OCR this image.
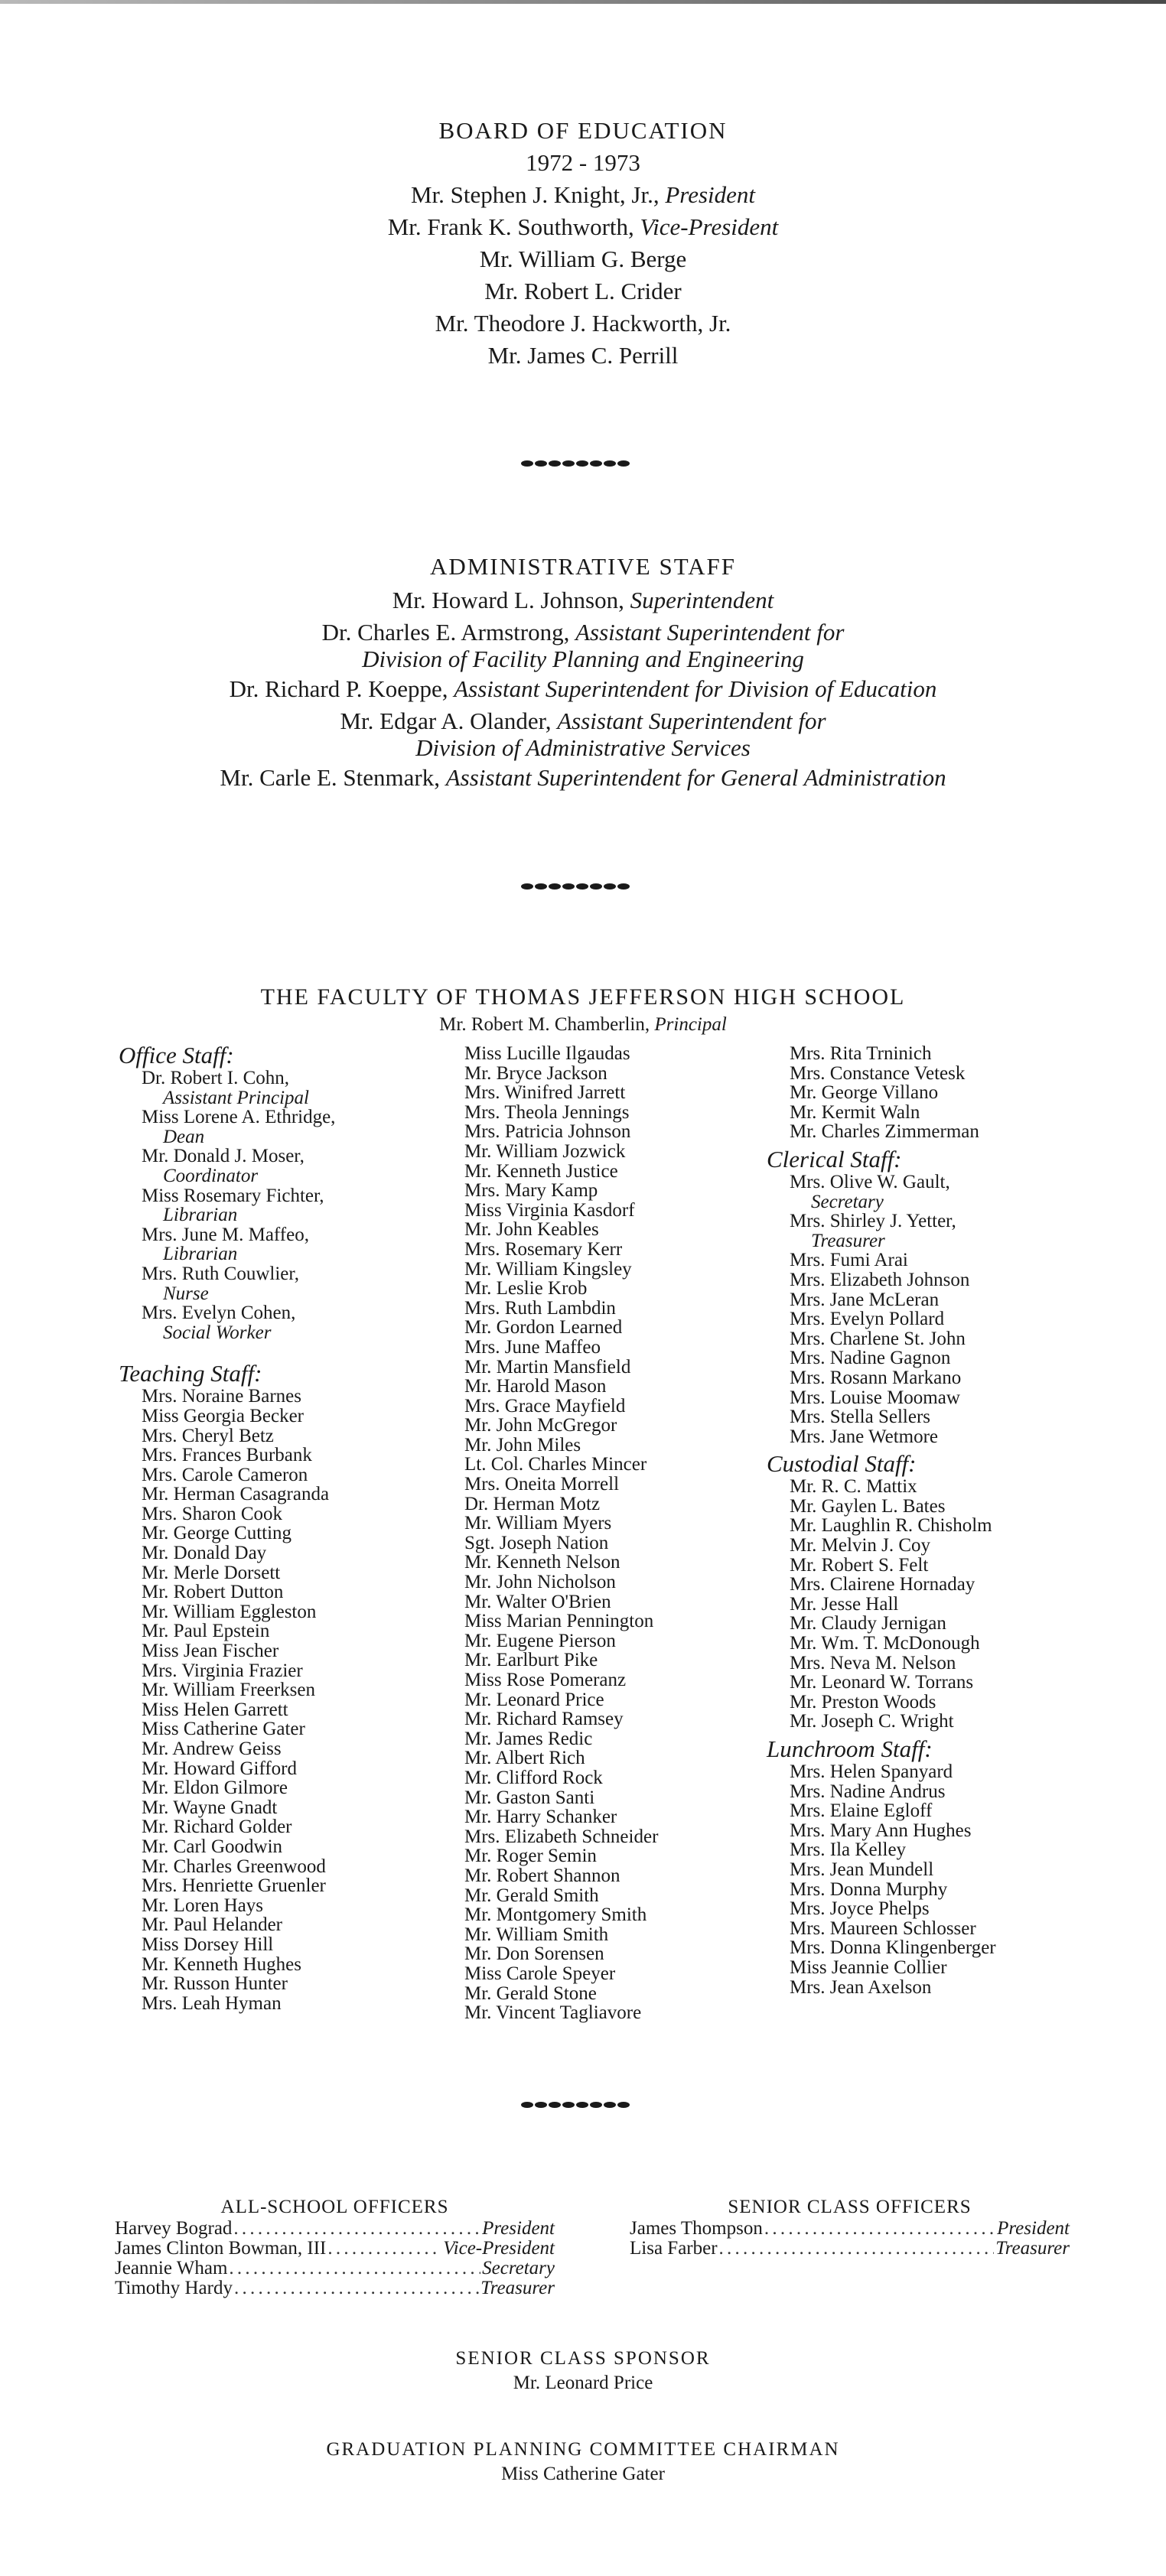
BOARD OF EDUCATION
1972 - 1973
Mr. Stephen J. Knight, Jr., President
Mr. Frank K. Southworth, Vice-President
Mr. William G. Berge
Mr. Robert L. Crider
Mr. Theodore J. Hackworth, Jr.
Mr. James C. Perrill
ADMINISTRATIVE STAFF
Mr. Howard L. Johnson, Superintendent
Dr. Charles E. Armstrong, Assistant Superintendent for
Division of Facility Planning and Engineering
Dr. Richard P. Koeppe, Assistant Superintendent for Division of Education
Mr. Edgar A. Olander, Assistant Superintendent for
Division of Administrative Services
Mr. Carle E. Stenmark, Assistant Superintendent for General Administration
THE FACULTY OF THOMAS JEFFERSON HIGH SCHOOL
Mr. Robert M. Chamberlin, Principal
Office Staff:
Dr. Robert I. Cohn,
Assistant Principal
Miss Lorene A. Ethridge,
Dean
Mr. Donald J. Moser,
Coordinator
Miss Rosemary Fichter,
Librarian
Mrs. June M. Maffeo,
Librarian
Mrs. Ruth Couwlier,
Nurse
Mrs. Evelyn Cohen,
Social Worker
Teaching Staff:
Mrs. Noraine Barnes
Miss Georgia Becker
Mrs. Cheryl Betz
Mrs. Frances Burbank
Mrs. Carole Cameron
Mr. Herman Casagranda
Mrs. Sharon Cook
Mr. George Cutting
Mr. Donald Day
Mr. Merle Dorsett
Mr. Robert Dutton
Mr. William Eggleston
Mr. Paul Epstein
Miss Jean Fischer
Mrs. Virginia Frazier
Mr. William Freerksen
Miss Helen Garrett
Miss Catherine Gater
Mr. Andrew Geiss
Mr. Howard Gifford
Mr. Eldon Gilmore
Mr. Wayne Gnadt
Mr. Richard Golder
Mr. Carl Goodwin
Mr. Charles Greenwood
Mrs. Henriette Gruenler
Mr. Loren Hays
Mr. Paul Helander
Miss Dorsey Hill
Mr. Kenneth Hughes
Mr. Russon Hunter
Mrs. Leah Hyman
Miss Lucille Ilgaudas
Mr. Bryce Jackson
Mrs. Winifred Jarrett
Mrs. Theola Jennings
Mrs. Patricia Johnson
Mr. William Jozwick
Mr. Kenneth Justice
Mrs. Mary Kamp
Miss Virginia Kasdorf
Mr. John Keables
Mrs. Rosemary Kerr
Mr. William Kingsley
Mr. Leslie Krob
Mrs. Ruth Lambdin
Mr. Gordon Learned
Mrs. June Maffeo
Mr. Martin Mansfield
Mr. Harold Mason
Mrs. Grace Mayfield
Mr. John McGregor
Mr. John Miles
Lt. Col. Charles Mincer
Mrs. Oneita Morrell
Dr. Herman Motz
Mr. William Myers
Sgt. Joseph Nation
Mr. Kenneth Nelson
Mr. John Nicholson
Mr. Walter O'Brien
Miss Marian Pennington
Mr. Eugene Pierson
Mr. Earlburt Pike
Miss Rose Pomeranz
Mr. Leonard Price
Mr. Richard Ramsey
Mr. James Redic
Mr. Albert Rich
Mr. Clifford Rock
Mr. Gaston Santi
Mr. Harry Schanker
Mrs. Elizabeth Schneider
Mr. Roger Semin
Mr. Robert Shannon
Mr. Gerald Smith
Mr. Montgomery Smith
Mr. William Smith
Mr. Don Sorensen
Miss Carole Speyer
Mr. Gerald Stone
Mr. Vincent Tagliavore
Mrs. Rita Trninich
Mrs. Constance Vetesk
Mr. George Villano
Mr. Kermit Waln
Mr. Charles Zimmerman
Clerical Staff:
Mrs. Olive W. Gault,
Secretary
Mrs. Shirley J. Yetter,
Treasurer
Mrs. Fumi Arai
Mrs. Elizabeth Johnson
Mrs. Jane McLeran
Mrs. Evelyn Pollard
Mrs. Charlene St. John
Mrs. Nadine Gagnon
Mrs. Rosann Markano
Mrs. Louise Moomaw
Mrs. Stella Sellers
Mrs. Jane Wetmore
Custodial Staff:
Mr. R. C. Mattix
Mr. Gaylen L. Bates
Mr. Laughlin R. Chisholm
Mr. Melvin J. Coy
Mr. Robert S. Felt
Mrs. Clairene Hornaday
Mr. Jesse Hall
Mr. Claudy Jernigan
Mr. Wm. T. McDonough
Mrs. Neva M. Nelson
Mr. Leonard W. Torrans
Mr. Preston Woods
Mr. Joseph C. Wright
Lunchroom Staff:
Mrs. Helen Spanyard
Mrs. Nadine Andrus
Mrs. Elaine Egloff
Mrs. Mary Ann Hughes
Mrs. Ila Kelley
Mrs. Jean Mundell
Mrs. Donna Murphy
Mrs. Joyce Phelps
Mrs. Maureen Schlosser
Mrs. Donna Klingenberger
Miss Jeannie Collier
Mrs. Jean Axelson
ALL-SCHOOL OFFICERS
Harvey Bograd . . .	President
James Clinton Bowman, III . . .	Vice-President
Jeannie Wham . . .	Secretary
Timothy Hardy . . .	Treasurer
SENIOR CLASS OFFICERS
James Thompson . . .	President
Lisa Farber . . .	Treasurer
SENIOR CLASS SPONSOR
Mr. Leonard Price
GRADUATION PLANNING COMMITTEE CHAIRMAN
Miss Catherine Gater
